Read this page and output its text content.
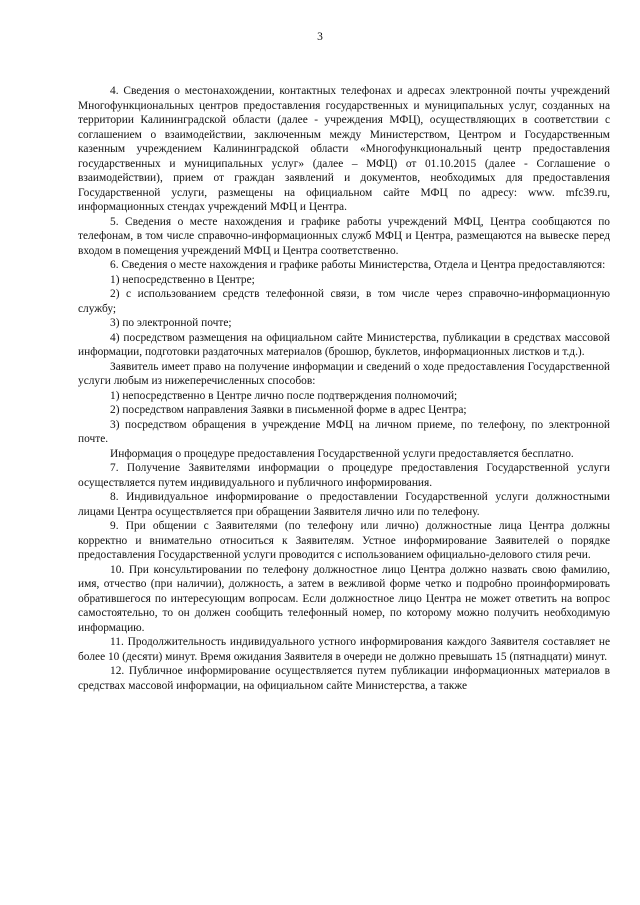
3

4. Сведения о местонахождении, контактных телефонах и адресах электронной почты учреждений Многофункциональных центров предоставления государственных и муниципальных услуг, созданных на территории Калининградской области (далее - учреждения МФЦ), осуществляющих в соответствии с соглашением о взаимодействии, заключенным между Министерством, Центром и Государственным казенным учреждением Калининградской области «Многофункциональный центр предоставления государственных и муниципальных услуг» (далее – МФЦ) от 01.10.2015 (далее - Соглашение о взаимодействии), прием от граждан заявлений и документов, необходимых для предоставления Государственной услуги, размещены на официальном сайте МФЦ по адресу: www. mfc39.ru, информационных стендах учреждений МФЦ и Центра.

5. Сведения о месте нахождения и графике работы учреждений МФЦ, Центра сообщаются по телефонам, в том числе справочно-информационных служб МФЦ и Центра, размещаются на вывеске перед входом в помещения учреждений МФЦ и Центра соответственно.

6. Сведения о месте нахождения и графике работы Министерства, Отдела и Центра предоставляются:

1) непосредственно в Центре;

2) с использованием средств телефонной связи, в том числе через справочно-информационную службу;

3) по электронной почте;

4) посредством размещения на официальном сайте Министерства, публикации в средствах массовой информации, подготовки раздаточных материалов (брошюр, буклетов, информационных листков и т.д.).

Заявитель имеет право на получение информации и сведений о ходе предоставления Государственной услуги любым из нижеперечисленных способов:

1) непосредственно в Центре лично после подтверждения полномочий;

2) посредством направления Заявки в письменной форме в адрес Центра;

3) посредством обращения в учреждение МФЦ на личном приеме, по телефону, по электронной почте.

Информация о процедуре предоставления Государственной услуги предоставляется бесплатно.

7. Получение Заявителями информации о процедуре предоставления Государственной услуги осуществляется путем индивидуального и публичного информирования.

8. Индивидуальное информирование о предоставлении Государственной услуги должностными лицами Центра осуществляется при обращении Заявителя лично или по телефону.

9. При общении с Заявителями (по телефону или лично) должностные лица Центра должны корректно и внимательно относиться к Заявителям. Устное информирование Заявителей о порядке предоставления Государственной услуги проводится с использованием официально-делового стиля речи.

10. При консультировании по телефону должностное лицо Центра должно назвать свою фамилию, имя, отчество (при наличии), должность, а затем в вежливой форме четко и подробно проинформировать обратившегося по интересующим вопросам. Если должностное лицо Центра не может ответить на вопрос самостоятельно, то он должен сообщить телефонный номер, по которому можно получить необходимую информацию.

11. Продолжительность индивидуального устного информирования каждого Заявителя составляет не более 10 (десяти) минут. Время ожидания Заявителя в очереди не должно превышать 15 (пятнадцати) минут.

12. Публичное информирование осуществляется путем публикации информационных материалов в средствах массовой информации, на официальном сайте Министерства, а также
